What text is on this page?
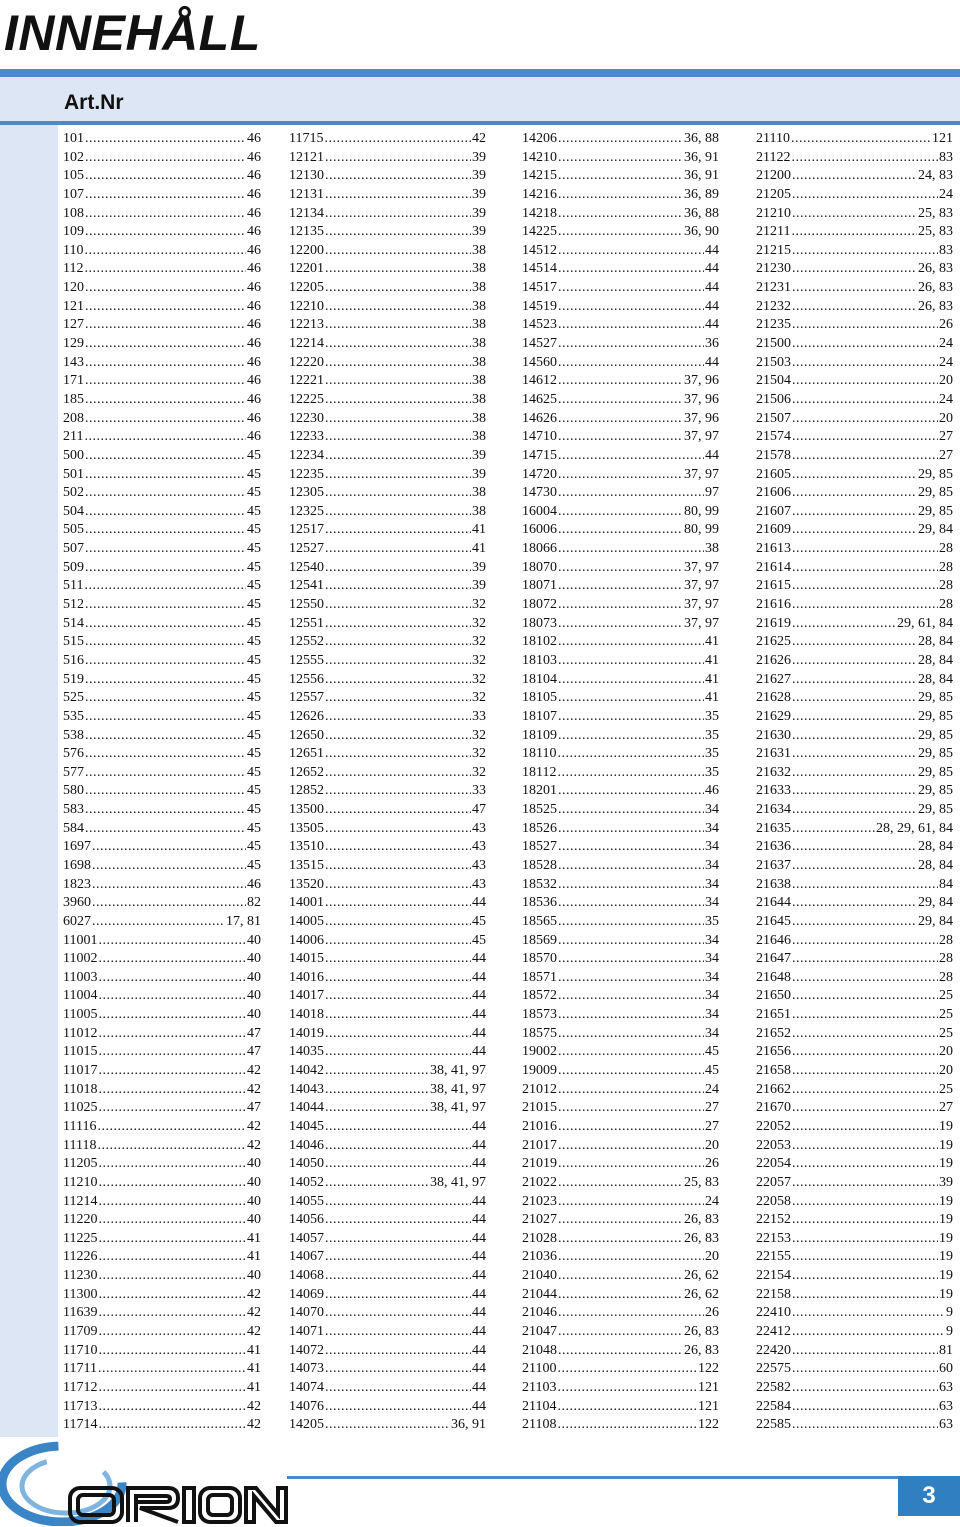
INNEHÅLL
Art.Nr
101 .....	46
102 .....	46
105 .....	46
107 .....	46
108 .....	46
109 .....	46
110 .....	46
112 .....	46
120 .....	46
121 .....	46
127 .....	46
129 .....	46
143 .....	46
171 .....	46
185 .....	46
208 .....	46
211 .....	46
500 .....	45
501 .....	45
502 .....	45
504 .....	45
505 .....	45
507 .....	45
509 .....	45
511 .....	45
512 .....	45
514 .....	45
515 .....	45
516 .....	45
519 .....	45
525 .....	45
535 .....	45
538 .....	45
576 .....	45
577 .....	45
580 .....	45
583 .....	45
584 .....	45
1697 .....	45
1698 .....	45
1823 .....	46
3960 .....	82
6027 .....	17, 81
11001 .....	40
11002 .....	40
11003 .....	40
11004 .....	40
11005 .....	40
11012 .....	47
11015 .....	47
11017 .....	42
11018 .....	42
11025 .....	47
11116 .....	42
11118 .....	42
11205 .....	40
11210 .....	40
11214 .....	40
11220 .....	40
11225 .....	41
11226 .....	41
11230 .....	40
11300 .....	42
11639 .....	42
11709 .....	42
11710 .....	41
11711 .....	41
11712 .....	41
11713 .....	42
11714 .....	42
11715 .....	42
12121 .....	39
12130 .....	39
12131 .....	39
12134 .....	39
12135 .....	39
12200 .....	38
12201 .....	38
12205 .....	38
12210 .....	38
12213 .....	38
12214 .....	38
12220 .....	38
12221 .....	38
12225 .....	38
12230 .....	38
12233 .....	38
12234 .....	39
12235 .....	39
12305 .....	38
12325 .....	38
12517 .....	41
12527 .....	41
12540 .....	39
12541 .....	39
12550 .....	32
12551 .....	32
12552 .....	32
12555 .....	32
12556 .....	32
12557 .....	32
12626 .....	33
12650 .....	32
12651 .....	32
12652 .....	32
12852 .....	33
13500 .....	47
13505 .....	43
13510 .....	43
13515 .....	43
13520 .....	43
14001 .....	44
14005 .....	45
14006 .....	45
14015 .....	44
14016 .....	44
14017 .....	44
14018 .....	44
14019 .....	44
14035 .....	44
14042 .....	38, 41, 97
14043 .....	38, 41, 97
14044 .....	38, 41, 97
14045 .....	44
14046 .....	44
14050 .....	44
14052 .....	38, 41, 97
14055 .....	44
14056 .....	44
14057 .....	44
14067 .....	44
14068 .....	44
14069 .....	44
14070 .....	44
14071 .....	44
14072 .....	44
14073 .....	44
14074 .....	44
14076 .....	44
14205 .....	36, 91
14206 .....	36, 88
14210 .....	36, 91
14215 .....	36, 91
14216 .....	36, 89
14218 .....	36, 88
14225 .....	36, 90
14512 .....	44
14514 .....	44
14517 .....	44
14519 .....	44
14523 .....	44
14527 .....	36
14560 .....	44
14612 .....	37, 96
14625 .....	37, 96
14626 .....	37, 96
14710 .....	37, 97
14715 .....	44
14720 .....	37, 97
14730 .....	97
16004 .....	80, 99
16006 .....	80, 99
18066 .....	38
18070 .....	37, 97
18071 .....	37, 97
18072 .....	37, 97
18073 .....	37, 97
18102 .....	41
18103 .....	41
18104 .....	41
18105 .....	41
18107 .....	35
18109 .....	35
18110 .....	35
18112 .....	35
18201 .....	46
18525 .....	34
18526 .....	34
18527 .....	34
18528 .....	34
18532 .....	34
18536 .....	34
18565 .....	35
18569 .....	34
18570 .....	34
18571 .....	34
18572 .....	34
18573 .....	34
18575 .....	34
19002 .....	45
19009 .....	45
21012 .....	24
21015 .....	27
21016 .....	27
21017 .....	20
21019 .....	26
21022 .....	25, 83
21023 .....	24
21027 .....	26, 83
21028 .....	26, 83
21036 .....	20
21040 .....	26, 62
21044 .....	26, 62
21046 .....	26
21047 .....	26, 83
21048 .....	26, 83
21100 .....	122
21103 .....	121
21104 .....	121
21108 .....	122
21110 .....	121
21122 .....	83
21200 .....	24, 83
21205 .....	24
21210 .....	25, 83
21211 .....	25, 83
21215 .....	83
21230 .....	26, 83
21231 .....	26, 83
21232 .....	26, 83
21235 .....	26
21500 .....	24
21503 .....	24
21504 .....	20
21506 .....	24
21507 .....	20
21574 .....	27
21578 .....	27
21605 .....	29, 85
21606 .....	29, 85
21607 .....	29, 85
21609 .....	29, 84
21613 .....	28
21614 .....	28
21615 .....	28
21616 .....	28
21619 .....	29, 61, 84
21625 .....	28, 84
21626 .....	28, 84
21627 .....	28, 84
21628 .....	29, 85
21629 .....	29, 85
21630 .....	29, 85
21631 .....	29, 85
21632 .....	29, 85
21633 .....	29, 85
21634 .....	29, 85
21635 .....	28, 29, 61, 84
21636 .....	28, 84
21637 .....	28, 84
21638 .....	84
21644 .....	29, 84
21645 .....	29, 84
21646 .....	28
21647 .....	28
21648 .....	28
21650 .....	25
21651 .....	25
21652 .....	25
21656 .....	20
21658 .....	20
21662 .....	25
21670 .....	27
22052 .....	19
22053 .....	19
22054 .....	19
22057 .....	39
22058 .....	19
22152 .....	19
22153 .....	19
22155 .....	19
22154 .....	19
22158 .....	19
22410 .....	9
22412 .....	9
22420 .....	81
22575 .....	60
22582 .....	63
22584 .....	63
22585 .....	63
3
